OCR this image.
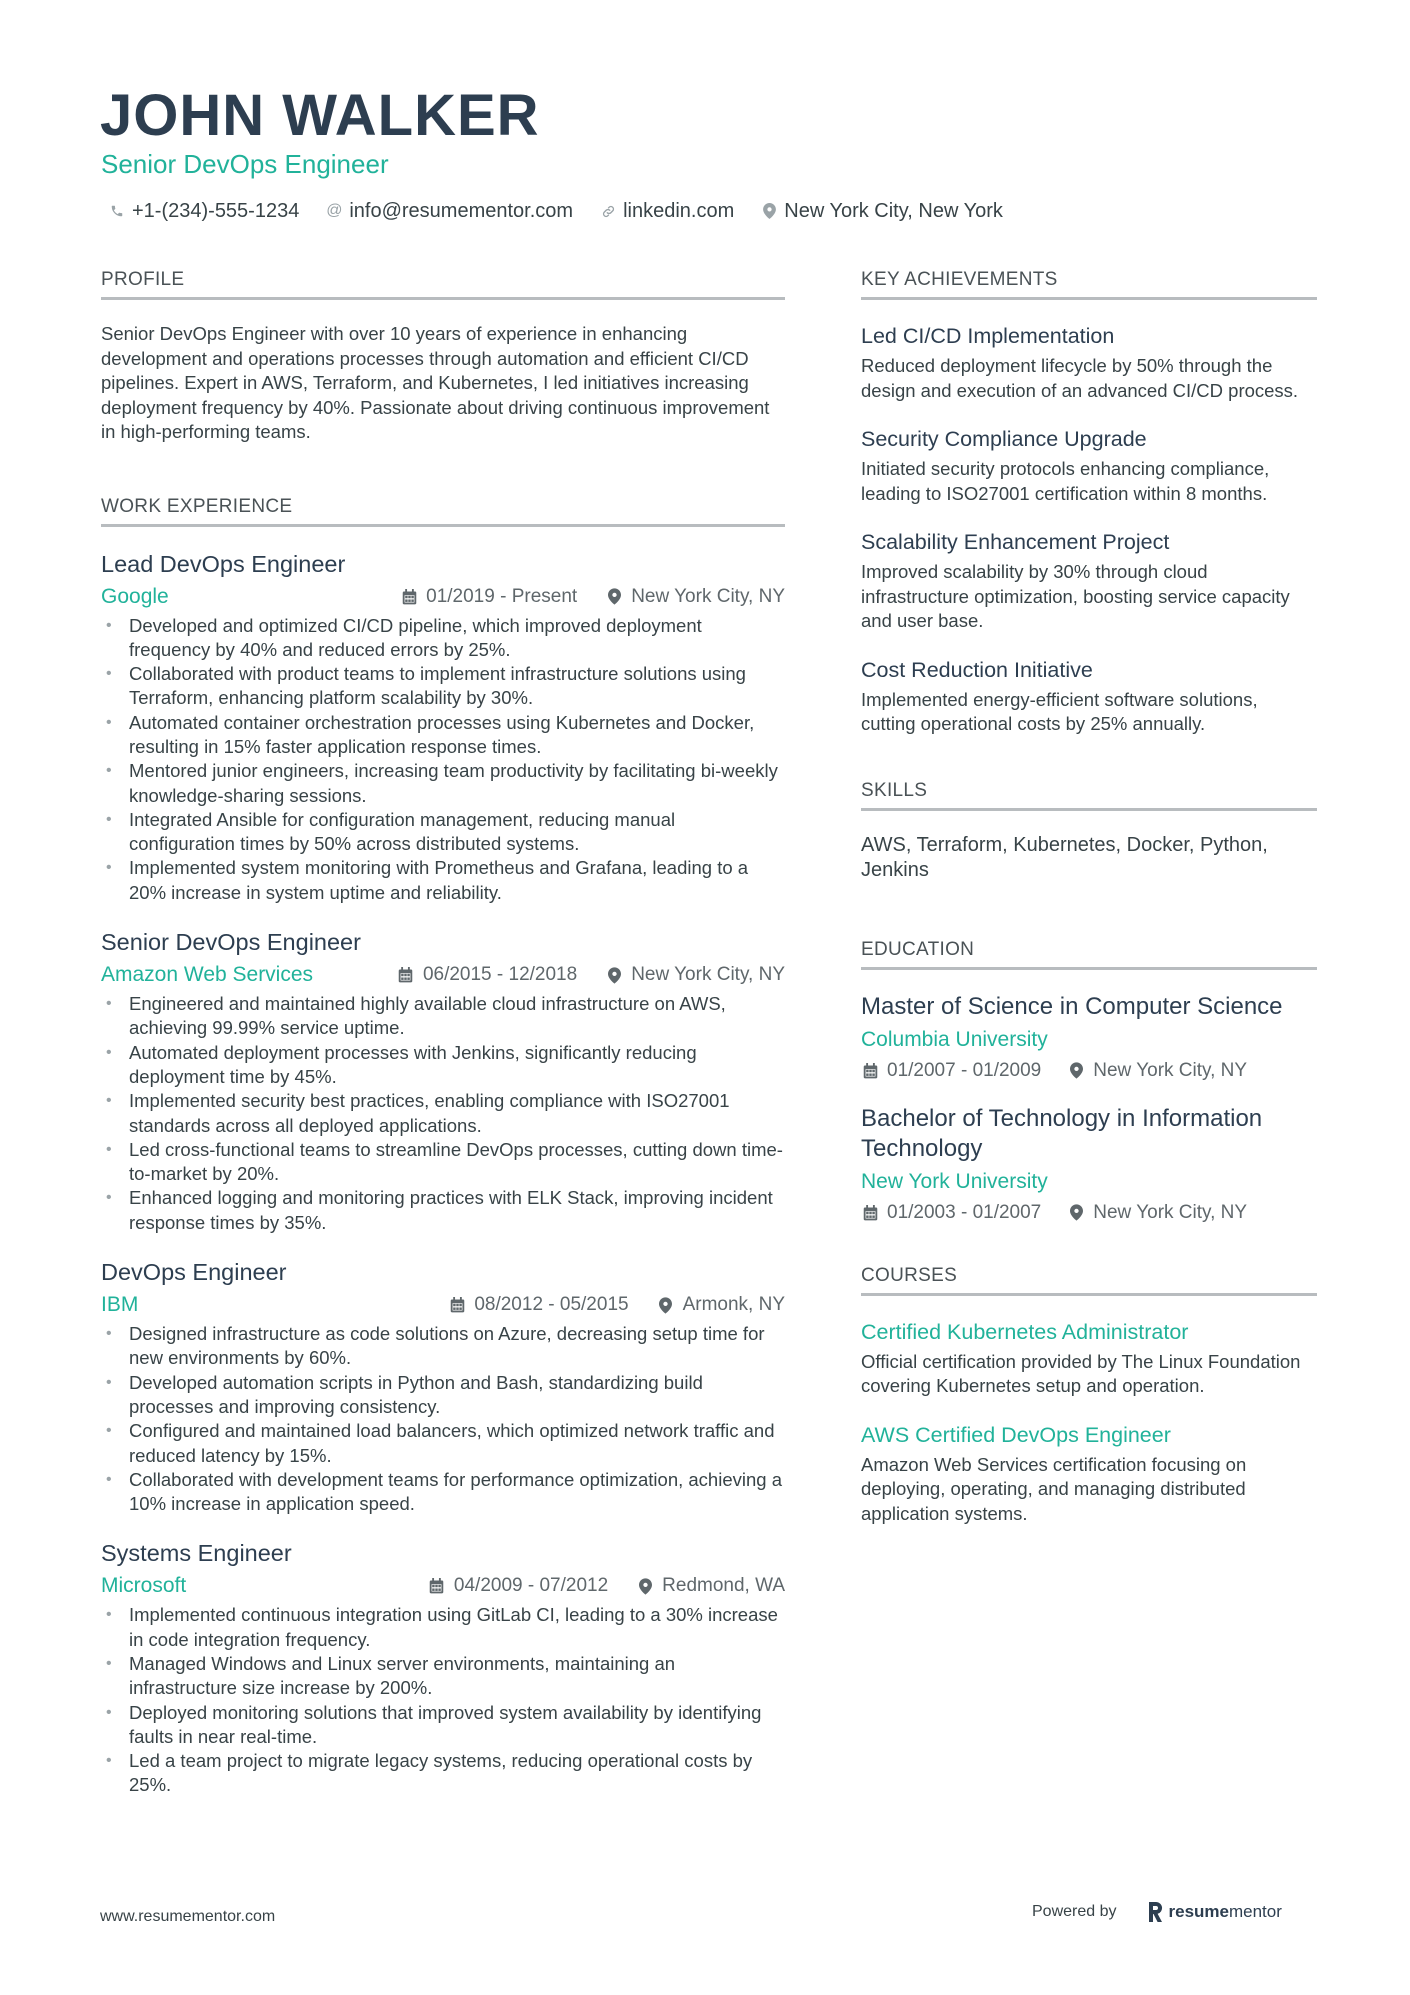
JOHN WALKER
Senior DevOps Engineer
+1-(234)-555-1234 @ info@resumementor.com	linkedin.com	New York City, New York
PROFILE
Senior DevOps Engineer with over 10 years of experience in enhancing development and operations processes through automation and efficient CI/CD pipelines. Expert in AWS, Terraform, and Kubernetes, I led initiatives increasing deployment frequency by 40%. Passionate about driving continuous improvement in high-performing teams.
WORK EXPERIENCE
Lead DevOps Engineer
Google	01/2019 - Present	New York City, NY
• Developed and optimized CI/CD pipeline, which improved deployment frequency by 40% and reduced errors by 25%.
• Collaborated with product teams to implement infrastructure solutions using Terraform, enhancing platform scalability by 30%.
• Automated container orchestration processes using Kubernetes and Docker, resulting in 15% faster application response times.
• Mentored junior engineers, increasing team productivity by facilitating bi-weekly knowledge-sharing sessions.
• Integrated Ansible for configuration management, reducing manual configuration times by 50% across distributed systems.
• Implemented system monitoring with Prometheus and Grafana, leading to a 20% increase in system uptime and reliability.
Senior DevOps Engineer
Amazon Web Services	06/2015 - 12/2018	New York City, NY
• Engineered and maintained highly available cloud infrastructure on AWS, achieving 99.99% service uptime.
• Automated deployment processes with Jenkins, significantly reducing deployment time by 45%.
• Implemented security best practices, enabling compliance with ISO27001 standards across all deployed applications.
• Led cross-functional teams to streamline DevOps processes, cutting down time-to-market by 20%.
• Enhanced logging and monitoring practices with ELK Stack, improving incident response times by 35%.
DevOps Engineer
IBM	08/2012 - 05/2015	Armonk, NY
• Designed infrastructure as code solutions on Azure, decreasing setup time for new environments by 60%.
• Developed automation scripts in Python and Bash, standardizing build processes and improving consistency.
• Configured and maintained load balancers, which optimized network traffic and reduced latency by 15%.
• Collaborated with development teams for performance optimization, achieving a 10% increase in application speed.
Systems Engineer
Microsoft	04/2009 - 07/2012	Redmond, WA
• Implemented continuous integration using GitLab CI, leading to a 30% increase in code integration frequency.
• Managed Windows and Linux server environments, maintaining an infrastructure size increase by 200%.
• Deployed monitoring solutions that improved system availability by identifying faults in near real-time.
• Led a team project to migrate legacy systems, reducing operational costs by 25%.
KEY ACHIEVEMENTS
Led CI/CD Implementation
Reduced deployment lifecycle by 50% through the design and execution of an advanced CI/CD process.
Security Compliance Upgrade
Initiated security protocols enhancing compliance, leading to ISO27001 certification within 8 months.
Scalability Enhancement Project
Improved scalability by 30% through cloud infrastructure optimization, boosting service capacity and user base.
Cost Reduction Initiative
Implemented energy-efficient software solutions, cutting operational costs by 25% annually.
SKILLS
AWS, Terraform, Kubernetes, Docker, Python, Jenkins
EDUCATION
Master of Science in Computer Science
Columbia University
01/2007 - 01/2009	New York City, NY
Bachelor of Technology in Information Technology
New York University
01/2003 - 01/2007	New York City, NY
COURSES
Certified Kubernetes Administrator
Official certification provided by The Linux Foundation covering Kubernetes setup and operation.
AWS Certified DevOps Engineer
Amazon Web Services certification focusing on deploying, operating, and managing distributed application systems.
www.resumementor.com	Powered by	resume mentor
